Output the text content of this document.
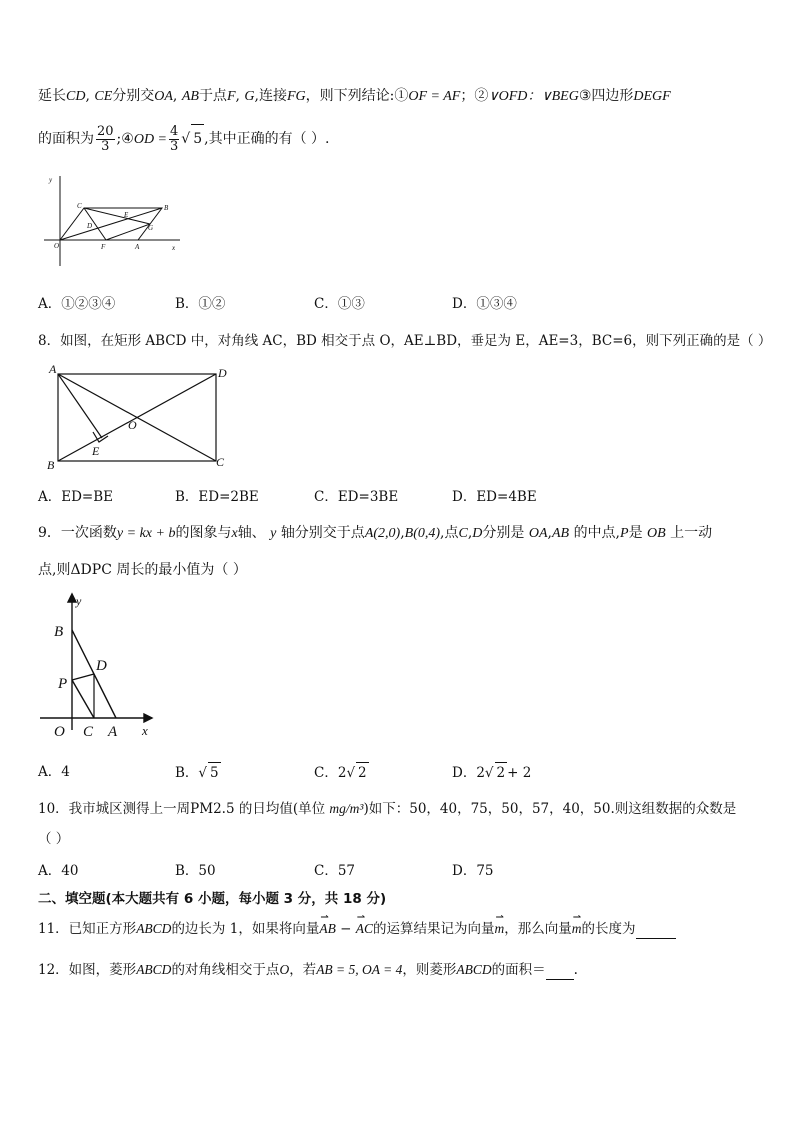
延长CD, CE分别交OA, AB于点F, G,连接FG，则下列结论:①OF = AF；②∨OFD：∨BEG③四边形DEGF
的面积为 $\frac{20}{3}$ ;④OD = $\frac{4}{3}$ √ 5 ,其中正确的有（ ）.
y
x
O
C	B
E
D	G
F	A
A．①②③④	B．①②	C．①③	D．①③④
8．如图，在矩形 ABCD 中，对角线 AC，BD 相交于点 O，AE⊥BD，垂足为 E，AE=3，BC=6，则下列正确的是（ ）
A	D
B	C
O
E
A．ED=BE	B．ED=2BE	C．ED=3BE	D．ED=4BE
9．一次函数y = kx + b的图象与x轴、 y 轴分别交于点A(2,0),B(0,4),点C,D分别是 OA,AB 的中点,P是 OB 上一动
点,则ΔDPC 周长的最小值为（ ）
y
B
D
P
O C A x
A．4	B．√ 5	C．2√ 2	D．2√ 2 + 2
10．我市城区测得上一周PM2.5 的日均值(单位 mg/m³)如下：50，40，75，50，57，40，50.则这组数据的众数是
（ ）
A．40	B．50	C．57	D．75
二、填空题(本大题共有 6 小题，每小题 3 分，共 18 分)
11．已知正方形ABCD的边长为 1，如果将向量⇀ AB − ⇀ AC的运算结果记为向量⇀ m，那么向量⇀ m的长度为
12．如图，菱形ABCD的对角线相交于点O，若AB = 5, OA = 4，则菱形ABCD的面积＝ .
